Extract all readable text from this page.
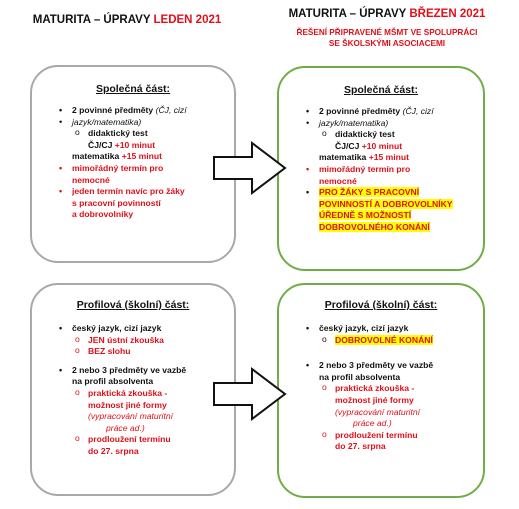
MATURITA – ÚPRAVY LEDEN 2021	MATURITA – ÚPRAVY BŘEZEN 2021
ŘEŠENÍ PŘIPRAVENÉ MŠMT VE SPOLUPRÁCI
SE ŠKOLSKÝMI ASOCIACEMI
Společná část:
• 2 povinné předměty (ČJ, cizí
• jazyk/matematika)
o didaktický test
ČJ/CJ +10 minut
matematika +15 minut
• mimořádný termín pro
nemocné
• jeden termín navíc pro žáky
s pracovní povinností
a dobrovolníky
Společná část:
• 2 povinné předměty (ČJ, cizí
• jazyk/matematika)
o didaktický test
ČJ/CJ +10 minut
matematika +15 minut
• mimořádný termín pro
nemocné
• PRO ŽÁKY S PRACOVNÍ
POVINNOSTÍ A DOBROVOLNÍKY
ÚŘEDNĚ S MOŽNOSTÍ
DOBROVOLNÉHO KONÁNÍ
Profilová (školní) část:
• český jazyk, cizí jazyk
o JEN ústní zkouška
o BEZ slohu
• 2 nebo 3 předměty ve vazbě
na profil absolventa
o praktická zkouška -
možnost jiné formy
(vypracování maturitní
práce ad.)
o prodloužení termínu
do 27. srpna
Profilová (školní) část:
• český jazyk, cizí jazyk
o DOBROVOLNÉ KONÁNÍ
• 2 nebo 3 předměty ve vazbě
na profil absolventa
o praktická zkouška -
možnost jiné formy
(vypracování maturitní
práce ad.)
o prodloužení termínu
do 27. srpna
